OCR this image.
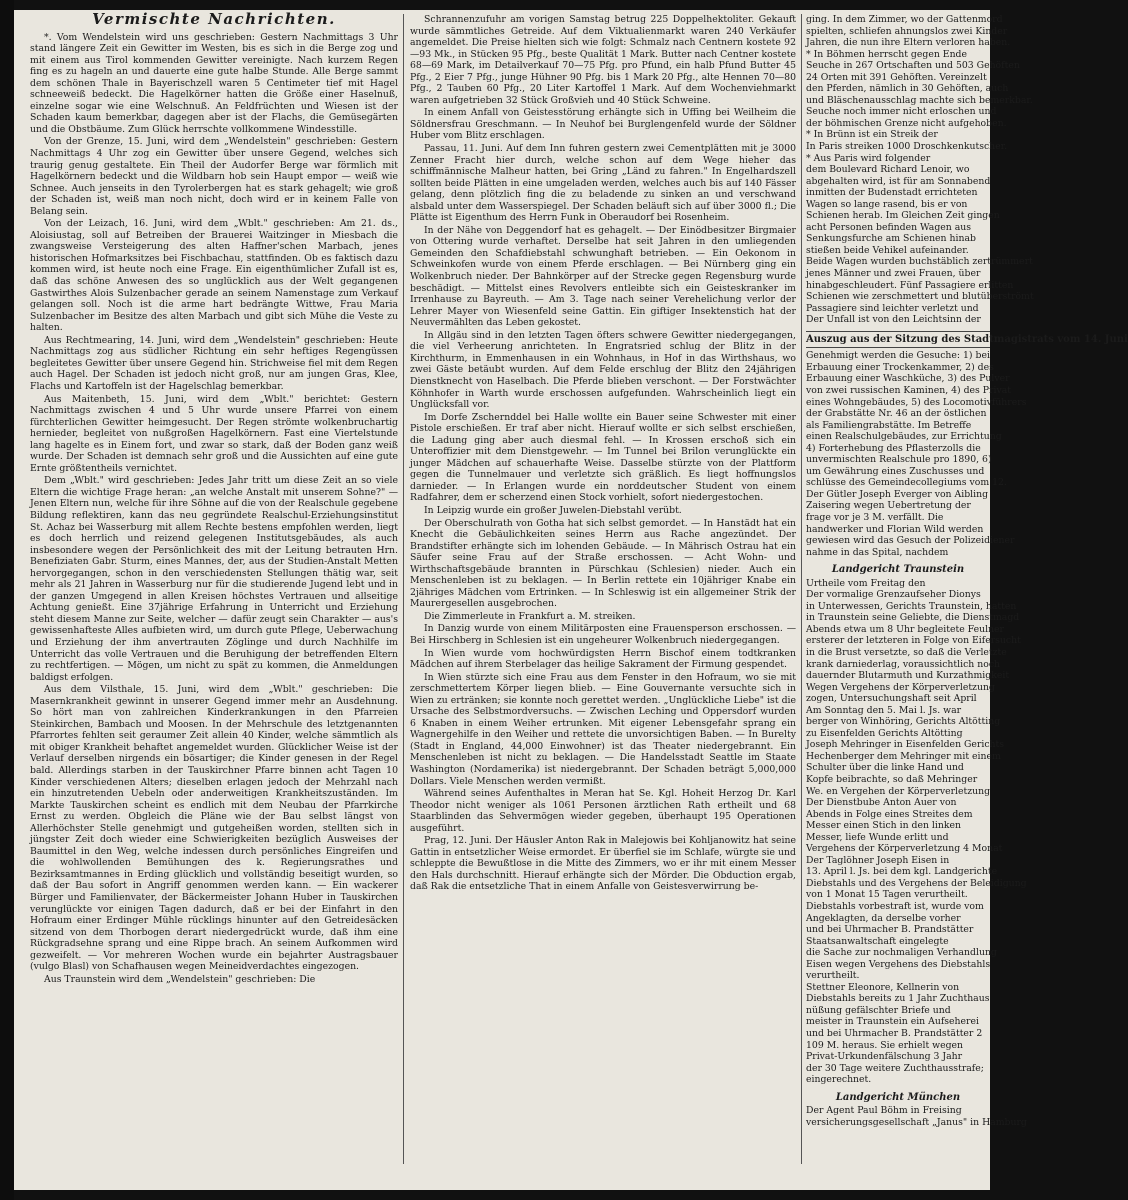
Vermischte Nachrichten.

*. Vom Wendelstein wird uns geschrieben: Gestern Nachmittags 3 Uhr stand längere Zeit ein Gewitter im Westen, bis es sich in die Berge zog und mit einem aus Tirol kommenden Gewitter vereinigte. Nach kurzem Regen fing es zu hageln an und dauerte eine gute halbe Stunde. Alle Berge sammt dem schönen Thale in Bayerischzell waren 5 Centimeter tief mit Hagel schneeweiß bedeckt. Die Hagelkörner hatten die Größe einer Haselnuß, einzelne sogar wie eine Welschnuß. An Feldfrüchten und Wiesen ist der Schaden kaum bemerkbar, dagegen aber ist der Flachs, die Gemüsegärten und die Obstbäume. Zum Glück herrschte vollkommene Windesstille.

Von der Grenze, 15. Juni, wird dem „Wendelstein" geschrieben: Gestern Nachmittags 4 Uhr zog ein Gewitter über unsere Gegend, welches sich traurig genug gestaltete. Ein Theil der Audorfer Berge war förmlich mit Hagelkörnern bedeckt und die Wildbarn hob sein Haupt empor — weiß wie Schnee. Auch jenseits in den Tyrolerbergen hat es stark gehagelt; wie groß der Schaden ist, weiß man noch nicht, doch wird er in keinem Falle von Belang sein.

Von der Leizach, 16. Juni, wird dem „Wblt." geschrieben: Am 21. ds., Aloisiustag, soll auf Betreiben der Brauerei Waitzinger in Miesbach die zwangsweise Versteigerung des alten Haffner'schen Marbach, jenes historischen Hofmarksitzes bei Fischbachau, stattfinden. Ob es faktisch dazu kommen wird, ist heute noch eine Frage. Ein eigenthümlicher Zufall ist es, daß das schöne Anwesen des so unglücklich aus der Welt gegangenen Gastwirthes Alois Sulzenbacher gerade an seinem Namenstage zum Verkauf gelangen soll. Noch ist die arme hart bedrängte Wittwe, Frau Maria Sulzenbacher im Besitze des alten Marbach und gibt sich Mühe die Veste zu halten.

Aus Rechtmearing, 14. Juni, wird dem „Wendelstein" geschrieben: Heute Nachmittags zog aus südlicher Richtung ein sehr heftiges Regengüssen begleitetes Gewitter über unsere Gegend hin. Strichweise fiel mit dem Regen auch Hagel. Der Schaden ist jedoch nicht groß, nur am jungen Gras, Klee, Flachs und Kartoffeln ist der Hagelschlag bemerkbar.

Aus Maitenbeth, 15. Juni, wird dem „Wblt." berichtet: Gestern Nachmittags zwischen 4 und 5 Uhr wurde unsere Pfarrei von einem fürchterlichen Gewitter heimgesucht. Der Regen strömte wolkenbruchartig hernieder, begleitet von nußgroßen Hagelkörnern. Fast eine Viertelstunde lang hagelte es in Einem fort, und zwar so stark, daß der Boden ganz weiß wurde. Der Schaden ist demnach sehr groß und die Aussichten auf eine gute Ernte größtentheils vernichtet.

Dem „Wblt." wird geschrieben: Jedes Jahr tritt um diese Zeit an so viele Eltern die wichtige Frage heran: „an welche Anstalt mit unserem Sohne?" — Jenen Eltern nun, welche für ihre Söhne auf die von der Realschule gegebene Bildung reflektiren, kann das neu gegründete Realschul-Erziehungsinstitut St. Achaz bei Wasserburg mit allem Rechte bestens empfohlen werden, liegt es doch herrlich und reizend gelegenen Institutsgebäudes, als auch insbesondere wegen der Persönlichkeit des mit der Leitung betrauten Hrn. Benefiziaten Gabr. Sturm, eines Mannes, der, aus der Studien-Anstalt Metten hervorgegangen, schon in den verschiedensten Stellungen thätig war, seit mehr als 21 Jahren in Wasserburg nur für die studierende Jugend lebt und in der ganzen Umgegend in allen Kreisen höchstes Vertrauen und allseitige Achtung genießt. Eine 37jährige Erfahrung in Unterricht und Erziehung steht diesem Manne zur Seite, welcher — dafür zeugt sein Charakter — aus's gewissenhafteste Alles aufbieten wird, um durch gute Pflege, Ueberwachung und Erziehung der ihm anvertrauten Zöglinge und durch Nachhilfe im Unterricht das volle Vertrauen und die Beruhigung der betreffenden Eltern zu rechtfertigen. — Mögen, um nicht zu spät zu kommen, die Anmeldungen baldigst erfolgen.

Aus dem Vilsthale, 15. Juni, wird dem „Wblt." geschrieben: Die Masernkrankheit gewinnt in unserer Gegend immer mehr an Ausdehnung. So hört man von zahlreichen Kinderkrankungen in den Pfarreien Steinkirchen, Bambach und Moosen. In der Mehrschule des letztgenannten Pfarrortes fehlten seit geraumer Zeit allein 40 Kinder, welche sämmtlich als mit obiger Krankheit behaftet angemeldet wurden. Glücklicher Weise ist der Verlauf derselben nirgends ein bösartiger; die Kinder genesen in der Regel bald. Allerdings starben in der Tauskirchner Pfarre binnen acht Tagen 10 Kinder verschiedenen Alters; dieselben erlagen jedoch der Mehrzahl nach ein hinzutretenden Uebeln oder anderweitigen Krankheitszuständen. Im Markte Tauskirchen scheint es endlich mit dem Neubau der Pfarrkirche Ernst zu werden. Obgleich die Pläne wie der Bau selbst längst von Allerhöchster Stelle genehmigt und gutgeheißen worden, stellten sich in jüngster Zeit doch wieder eine Schwierigkeiten bezüglich Ausweises der Baumittel in den Weg, welche indessen durch persönliches Eingreifen und die wohlwollenden Bemühungen des k. Regierungsrathes und Bezirksamtmannes in Erding glücklich und vollständig beseitigt wurden, so daß der Bau sofort in Angriff genommen werden kann. — Ein wackerer Bürger und Familienvater, der Bäckermeister Johann Huber in Tauskirchen verunglückte vor einigen Tagen dadurch, daß er bei der Einfahrt in den Hofraum einer Erdinger Mühle rücklings hinunter auf den Getreidesäcken sitzend von dem Thorbogen derart niedergedrückt wurde, daß ihm eine Rückgradsehne sprang und eine Rippe brach. An seinem Aufkommen wird gezweifelt. — Vor mehreren Wochen wurde ein bejahrter Austragsbauer (vulgo Blasl) von Schafhausen wegen Meineidverdachtes eingezogen.

Aus Traunstein wird dem „Wendelstein" geschrieben: Die

Schrannenzufuhr am vorigen Samstag betrug 225 Doppelhektoliter. Gekauft wurde sämmtliches Getreide. Auf dem Viktualienmarkt waren 240 Verkäufer angemeldet. Die Preise hielten sich wie folgt: Schmalz nach Centnern kostete 92—93 Mk., in Stücken 95 Pfg., beste Qualität 1 Mark. Butter nach Centner kostete 68—69 Mark, im Detailverkauf 70—75 Pfg. pro Pfund, ein halb Pfund Butter 45 Pfg., 2 Eier 7 Pfg., junge Hühner 90 Pfg. bis 1 Mark 20 Pfg., alte Hennen 70—80 Pfg., 2 Tauben 60 Pfg., 20 Liter Kartoffel 1 Mark. Auf dem Wochenviehmarkt waren aufgetrieben 32 Stück Großvieh und 40 Stück Schweine.

In einem Anfall von Geistesstörung erhängte sich in Uffing bei Weilheim die Söldnersfrau Greschmann. — In Neuhof bei Burglengenfeld wurde der Söldner Huber vom Blitz erschlagen.

Passau, 11. Juni. Auf dem Inn fuhren gestern zwei Cementplätten mit je 3000 Zenner Fracht hier durch, welche schon auf dem Wege hieher das schiffmännische Malheur hatten, bei Gring „Länd zu fahren." In Engelhardszell sollten beide Plätten in eine umgeladen werden, welches auch bis auf 140 Fässer gelang, denn plötzlich fing die zu beladende zu sinken an und verschwand alsbald unter dem Wasserspiegel. Der Schaden beläuft sich auf über 3000 fl.; Die Plätte ist Eigenthum des Herrn Funk in Oberaudorf bei Rosenheim.

In der Nähe von Deggendorf hat es gehagelt. — Der Einödbesitzer Birgmaier von Ottering wurde verhaftet. Derselbe hat seit Jahren in den umliegenden Gemeinden den Schafdiebstahl schwunghaft betrieben. — Ein Oekonom in Schweinkofen wurde von einem Pferde erschlagen. — Bei Nürnberg ging ein Wolkenbruch nieder. Der Bahnkörper auf der Strecke gegen Regensburg wurde beschädigt. — Mittelst eines Revolvers entleibte sich ein Geisteskranker im Irrenhause zu Bayreuth. — Am 3. Tage nach seiner Verehelichung verlor der Lehrer Mayer von Wiesenfeld seine Gattin. Ein giftiger Insektenstich hat der Neuvermählten das Leben gekostet.

In Allgäu sind in den letzten Tagen öfters schwere Gewitter niedergegangen, die viel Verheerung anrichteten. In Engratsried schlug der Blitz in der Kirchthurm, in Emmenhausen in ein Wohnhaus, in Hof in das Wirthshaus, wo zwei Gäste betäubt wurden. Auf dem Felde erschlug der Blitz den 24jährigen Dienstknecht von Haselbach. Die Pferde blieben verschont. — Der Forstwächter Köhnhofer in Warth wurde erschossen aufgefunden. Wahrscheinlich liegt ein Unglücksfall vor.

Im Dorfe Zschernddel bei Halle wollte ein Bauer seine Schwester mit einer Pistole erschießen. Er traf aber nicht. Hierauf wollte er sich selbst erschießen, die Ladung ging aber auch diesmal fehl. — In Krossen erschoß sich ein Unteroffizier mit dem Dienstgewehr. — Im Tunnel bei Brilon verunglückte ein junger Mädchen auf schauerhafte Weise. Dasselbe stürzte von der Plattform gegen die Tunnelmauer und verletzte sich gräßlich. Es liegt hoffnungslos darnieder. — In Erlangen wurde ein norddeutscher Student von einem Radfahrer, dem er scherzend einen Stock vorhielt, sofort niedergestochen.

In Leipzig wurde ein großer Juwelen-Diebstahl verübt.

Der Oberschulrath von Gotha hat sich selbst gemordet. — In Hanstädt hat ein Knecht die Gebäulichkeiten seines Herrn aus Rache angezündet. Der Brandstifter erhängte sich im lohenden Gebäude. — In Mährisch Ostrau hat ein Säufer seine Frau auf der Straße erschossen. — Acht Wohn- und Wirthschaftsgebäude brannten in Pürschkau (Schlesien) nieder. Auch ein Menschenleben ist zu beklagen. — In Berlin rettete ein 10jähriger Knabe ein 2jähriges Mädchen vom Ertrinken. — In Schleswig ist ein allgemeiner Strik der Maurergesellen ausgebrochen.

Die Zimmerleute in Frankfurt a. M. streiken.

In Danzig wurde von einem Militärposten eine Frauensperson erschossen. — Bei Hirschberg in Schlesien ist ein ungeheurer Wolkenbruch niedergegangen.

In Wien wurde vom hochwürdigsten Herrn Bischof einem todtkranken Mädchen auf ihrem Sterbelager das heilige Sakrament der Firmung gespendet.

In Wien stürzte sich eine Frau aus dem Fenster in den Hofraum, wo sie mit zerschmettertem Körper liegen blieb. — Eine Gouvernante versuchte sich in Wien zu ertränken; sie konnte noch gerettet werden. „Unglückliche Liebe" ist die Ursache des Selbstmordversuchs. — Zwischen Leching und Oppersdorf wurden 6 Knaben in einem Weiher ertrunken. Mit eigener Lebensgefahr sprang ein Wagnergehilfe in den Weiher und rettete die unvorsichtigen Baben. — In Burelty (Stadt in England, 44,000 Einwohner) ist das Theater niedergebrannt. Ein Menschenleben ist nicht zu beklagen. — Die Handelsstadt Seattle im Staate Washington (Nordamerika) ist niedergebrannt. Der Schaden beträgt 5,000,000 Dollars. Viele Menschen werden vermißt.

Während seines Aufenthaltes in Meran hat Se. Kgl. Hoheit Herzog Dr. Karl Theodor nicht weniger als 1061 Personen ärztlichen Rath ertheilt und 68 Staarblinden das Sehvermögen wieder gegeben, überhaupt 195 Operationen ausgeführt.

Prag, 12. Juni. Der Häusler Anton Rak in Malejowis bei Kohljanowitz hat seine Gattin in entsetzlicher Weise ermordet. Er überfiel sie im Schlafe, würgte sie und schleppte die Bewußtlose in die Mitte des Zimmers, wo er ihr mit einem Messer den Hals durchschnitt. Hierauf erhängte sich der Mörder. Die Obduction ergab, daß Rak die entsetzliche That in einem Anfalle von Geistesverwirrung be-

ging. In dem Zimmer, wo der Gattenmord
spielten, schliefen ahnungslos zwei Kinder
Jahren, die nun ihre Eltern verloren haben.
* In Böhmen herrscht gegen Ende
Seuche in 267 Ortschaften und 503 Gehöften
24 Orten mit 391 Gehöften. Vereinzelt
den Pferden, nämlich in 30 Gehöften, auch
und Bläschenausschlag machte sich bemerkbar.
Seuche noch immer nicht erloschen und
der böhmischen Grenze nicht aufgehoben.
* In Brünn ist ein Streik der
In Paris streiken 1000 Droschkenkutscher.
* Aus Paris wird folgender
dem Boulevard Richard Lenoir, wo
abgehalten wird, ist für am Sonnabend
inmitten der Budenstadt errichteten
Wagen so lange rasend, bis er von
Schienen herab. Im Gleichen Zeit gingen
acht Personen befinden Wagen aus
Senkungsfurche am Schienen hinab
stießen beide Vehikel aufeinander.
Beide Wagen wurden buchstäblich zertrümmert
jenes Männer und zwei Frauen, über
hinabgeschleudert. Fünf Passagiere erlitten
Schienen wie zerschmettert und blutüberströmt
Passagiere sind leichter verletzt und
Der Unfall ist von den Leichtsinn der
Auszug aus der Sitzung des Stadtmagistrats vom 14. Juni
Genehmigt werden die Gesuche: 1) bei
Erbauung einer Trockenkammer, 2) des
Erbauung einer Waschküche, 3) des Pulver
von zwei russischen Kaminen, 4) des Privat
eines Wohngebäudes, 5) des Locomotivführers
der Grabstätte Nr. 46 an der östlichen
als Familiengrabstätte. Im Betreffe
einen Realschulgebäudes, zur Errichtung
4) Forterhebung des Pflasterzolls die
unvermischten Realschule pro 1890, 6)
um Gewährung eines Zuschusses und
schlüsse des Gemeindecollegiums vom 12.
Der Gütler Joseph Everger von Aibling
Zaisering wegen Uebertretung der
frage vor je 3 M. verfällt. Die
handwerker und Florian Wild werden
gewiesen wird das Gesuch der Polizeidiener
nahme in das Spital, nachdem
Landgericht Traunstein
Urtheile vom Freitag den
Der vormalige Grenzaufseher Dionys
in Unterwessen, Gerichts Traunstein, hatten
in Traunstein seine Geliebte, die Dienstmagd
Abends etwa um 8 Uhr begleitete Feulner
ersterer der letzteren in Folge von Eifersucht
in die Brust versetzte, so daß die Verletzte
krank darniederlag, voraussichtlich noch
dauernder Blutarmuth und Kurzathmigkeit
Wegen Vergehens der Körperverletzung
zogen, Untersuchungshaft seit April
Am Sonntag den 5. Mai l. Js. war
berger von Winhöring, Gerichts Altötting
zu Eisenfelden Gerichts Altötting
Joseph Mehringer in Eisenfelden Gerichts
Hechenberger dem Mehringer mit einem
Schulter über die linke Hand und
Kopfe beibrachte, so daß Mehringer
We. en Vergehen der Körperverletzung
Der Dienstbube Anton Auer von
Abends in Folge eines Streites dem
Messer einen Stich in den linken
Messer, liefe Wunde erlitt und
Vergehens der Körperverletzung 4 Monat
Der Taglöhner Joseph Eisen in
13. April l. Js. bei dem kgl. Landgerichte
Diebstahls und des Vergehens der Beleidigung
von 1 Monat 15 Tagen verurtheilt.
Diebstahls vorbestraft ist, wurde vom
Angeklagten, da derselbe vorher
und bei Uhrmacher B. Prandstätter
Staatsanwaltschaft eingelegte
die Sache zur nochmaligen Verhandlung
Eisen wegen Vergehens des Diebstahls
verurtheilt.
Stettner Eleonore, Kellnerin von
Diebstahls bereits zu 1 Jahr Zuchthaus
nüßung gefälschter Briefe und
meister in Traunstein ein Aufseherei
und bei Uhrmacher B. Prandstätter 2
109 M. heraus. Sie erhielt wegen
Privat-Urkundenfälschung 3 Jahr
der 30 Tage weitere Zuchthausstrafe;
eingerechnet.
Landgericht München
Der Agent Paul Böhm in Freising
versicherungsgesellschaft „Janus" in Hamburg
